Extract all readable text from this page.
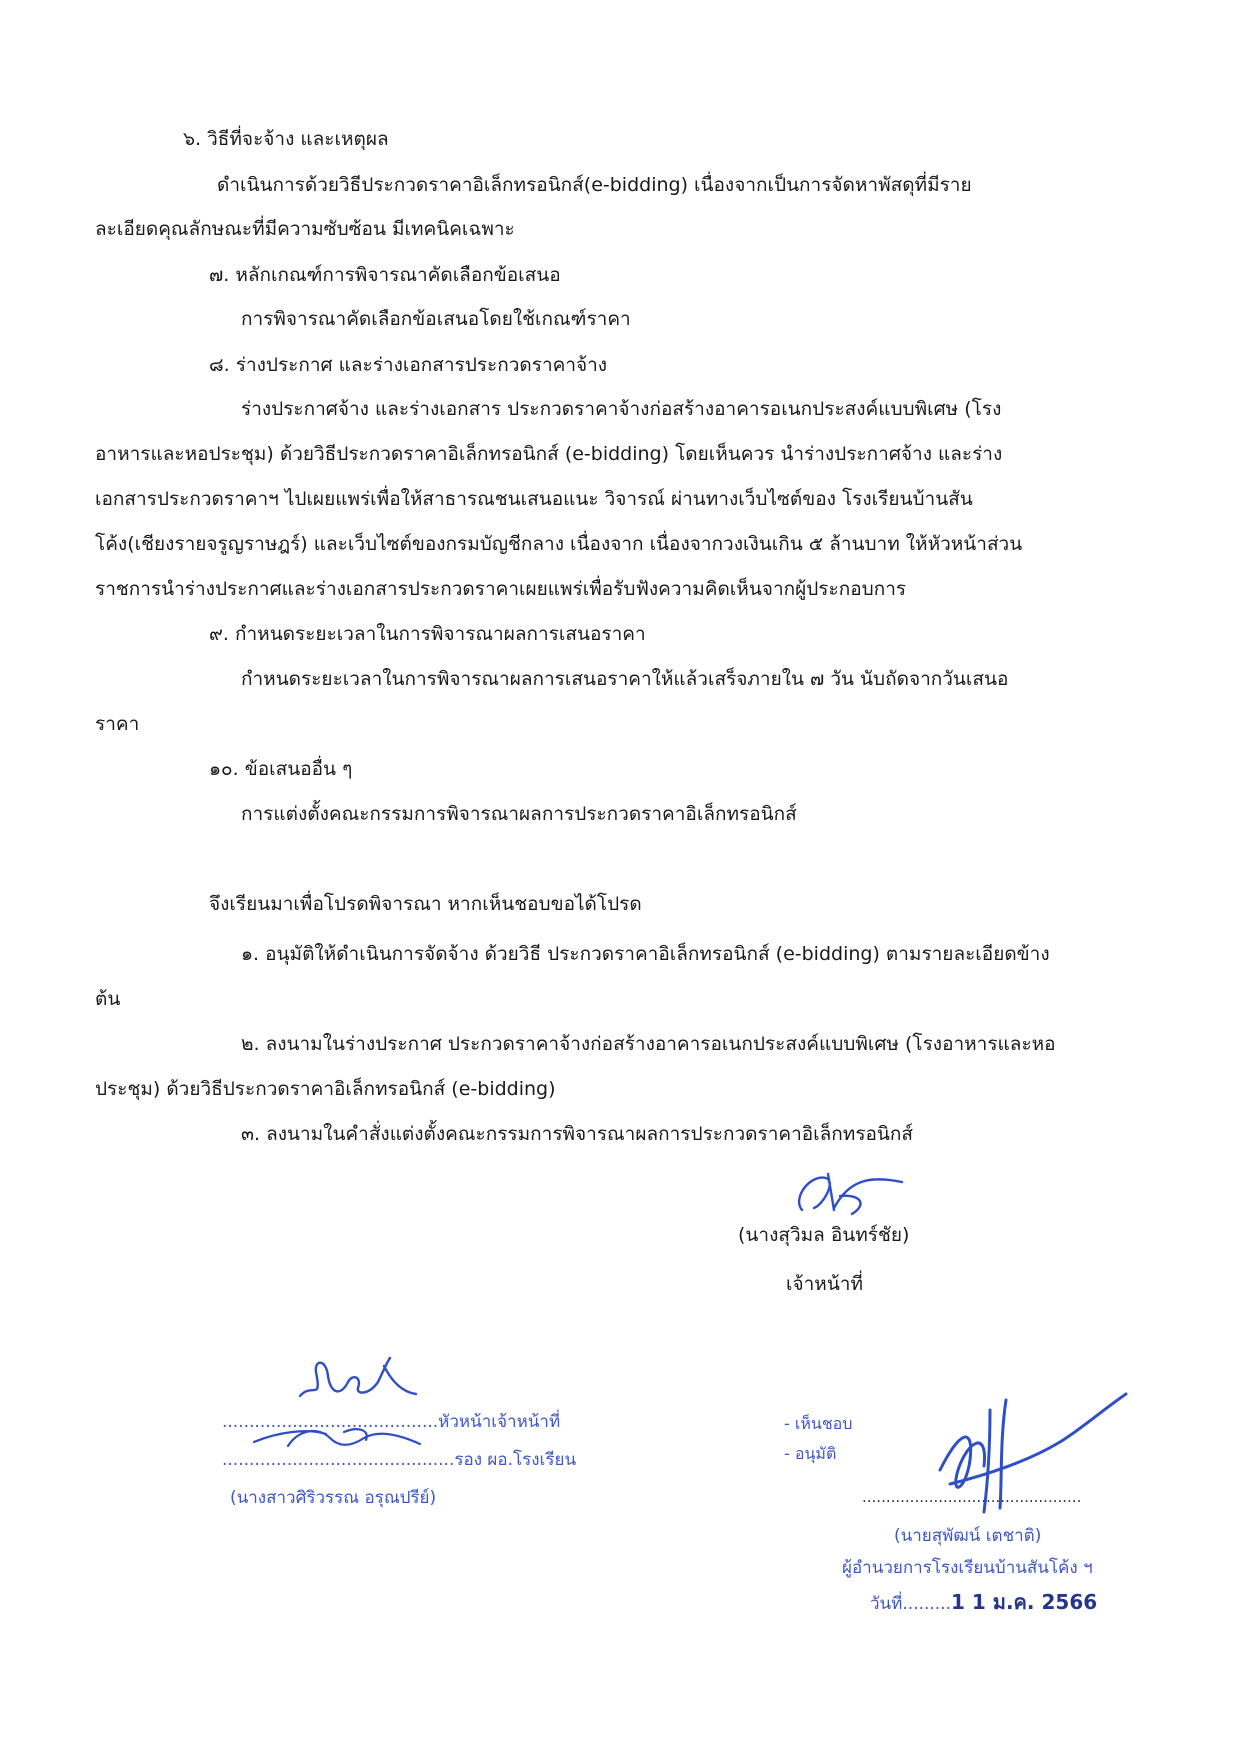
๖. วิธีที่จะจ้าง และเหตุผล
ดำเนินการด้วยวิธีประกวดราคาอิเล็กทรอนิกส์(e-bidding) เนื่องจากเป็นการจัดหาพัสดุที่มีราย
ละเอียดคุณลักษณะที่มีความซับซ้อน มีเทคนิคเฉพาะ
๗. หลักเกณฑ์การพิจารณาคัดเลือกข้อเสนอ
การพิจารณาคัดเลือกข้อเสนอโดยใช้เกณฑ์ราคา
๘. ร่างประกาศ และร่างเอกสารประกวดราคาจ้าง
ร่างประกาศจ้าง และร่างเอกสาร ประกวดราคาจ้างก่อสร้างอาคารอเนกประสงค์แบบพิเศษ (โรง
อาหารและหอประชุม) ด้วยวิธีประกวดราคาอิเล็กทรอนิกส์ (e-bidding) โดยเห็นควร นำร่างประกาศจ้าง และร่าง
เอกสารประกวดราคาฯ ไปเผยแพร่เพื่อให้สาธารณชนเสนอแนะ วิจารณ์ ผ่านทางเว็บไซต์ของ โรงเรียนบ้านสัน
โค้ง(เชียงรายจรูญราษฎร์) และเว็บไซต์ของกรมบัญชีกลาง เนื่องจาก เนื่องจากวงเงินเกิน ๕ ล้านบาท ให้หัวหน้าส่วน
ราชการนำร่างประกาศและร่างเอกสารประกวดราคาเผยแพร่เพื่อรับฟังความคิดเห็นจากผู้ประกอบการ
๙. กำหนดระยะเวลาในการพิจารณาผลการเสนอราคา
กำหนดระยะเวลาในการพิจารณาผลการเสนอราคาให้แล้วเสร็จภายใน ๗ วัน นับถัดจากวันเสนอ
ราคา
๑๐. ข้อเสนออื่น ๆ
การแต่งตั้งคณะกรรมการพิจารณาผลการประกวดราคาอิเล็กทรอนิกส์
จึงเรียนมาเพื่อโปรดพิจารณา หากเห็นชอบขอได้โปรด
๑. อนุมัติให้ดำเนินการจัดจ้าง ด้วยวิธี ประกวดราคาอิเล็กทรอนิกส์ (e-bidding) ตามรายละเอียดข้าง
ต้น
๒. ลงนามในร่างประกาศ ประกวดราคาจ้างก่อสร้างอาคารอเนกประสงค์แบบพิเศษ (โรงอาหารและหอ
ประชุม) ด้วยวิธีประกวดราคาอิเล็กทรอนิกส์ (e-bidding)
๓. ลงนามในคำสั่งแต่งตั้งคณะกรรมการพิจารณาผลการประกวดราคาอิเล็กทรอนิกส์
(นางสุวิมล อินทร์ชัย)
เจ้าหน้าที่
........................................หัวหน้าเจ้าหน้าที่
...........................................รอง ผอ.โรงเรียน
(นางสาวศิริวรรณ อรุณปรีย์)
- เห็นชอบ
- อนุมัติ
..............................................
(นายสุพัฒน์ เตชาติ)
ผู้อำนวยการโรงเรียนบ้านสันโค้ง ฯ
วันที่.........1 1 ม.ค. 2566
